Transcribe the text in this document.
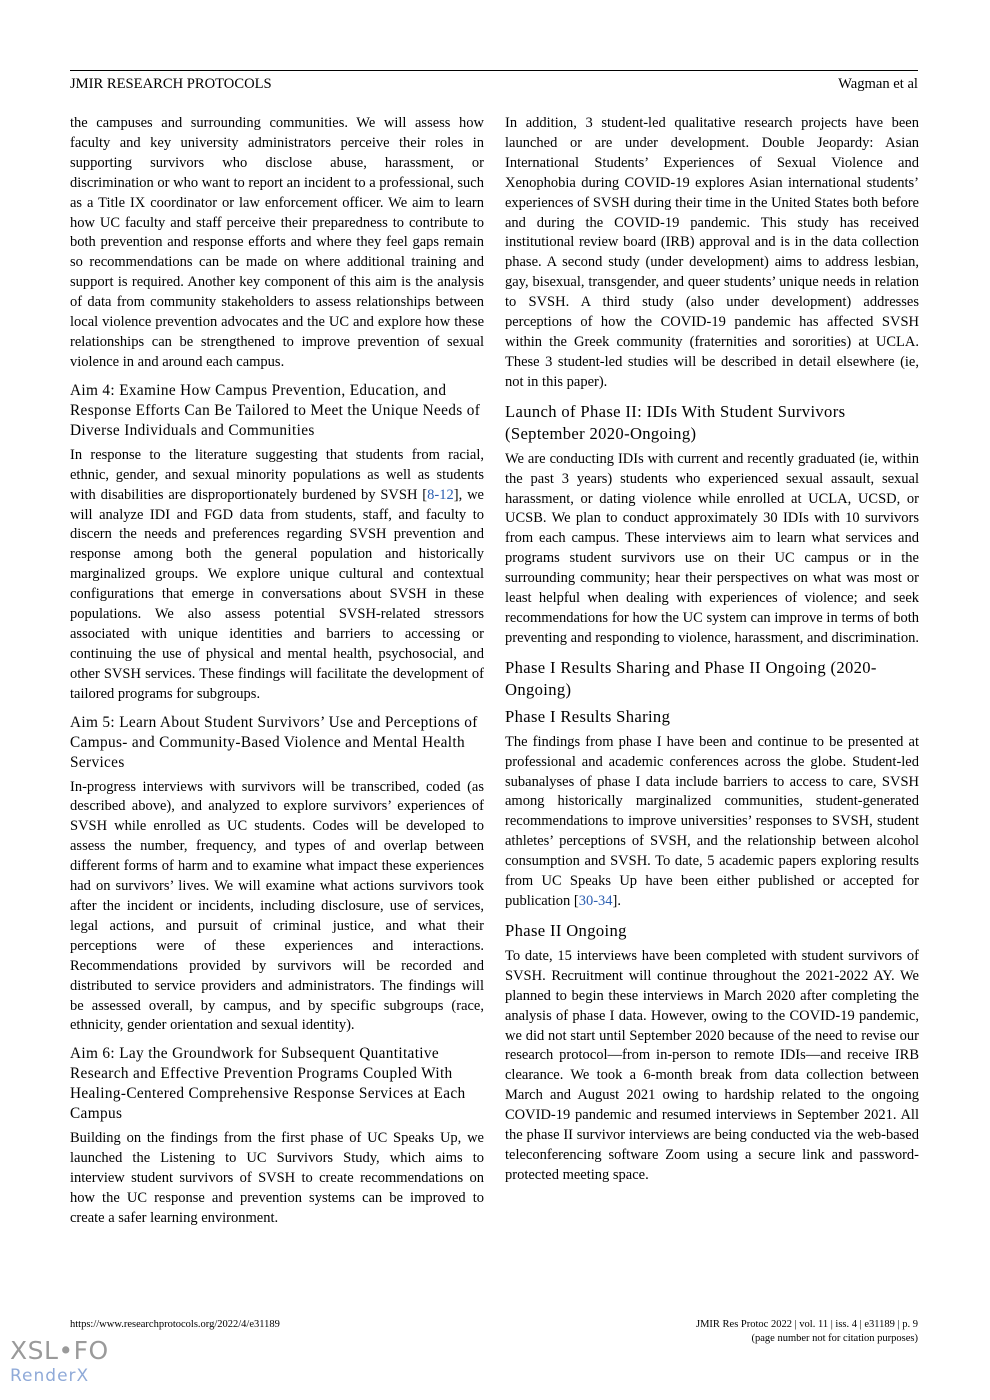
JMIR RESEARCH PROTOCOLS	Wagman et al

the campuses and surrounding communities. We will assess how faculty and key university administrators perceive their roles in supporting survivors who disclose abuse, harassment, or discrimination or who want to report an incident to a professional, such as a Title IX coordinator or law enforcement officer. We aim to learn how UC faculty and staff perceive their preparedness to contribute to both prevention and response efforts and where they feel gaps remain so recommendations can be made on where additional training and support is required. Another key component of this aim is the analysis of data from community stakeholders to assess relationships between local violence prevention advocates and the UC and explore how these relationships can be strengthened to improve prevention of sexual violence in and around each campus.

Aim 4: Examine How Campus Prevention, Education, and Response Efforts Can Be Tailored to Meet the Unique Needs of Diverse Individuals and Communities

In response to the literature suggesting that students from racial, ethnic, gender, and sexual minority populations as well as students with disabilities are disproportionately burdened by SVSH [8-12], we will analyze IDI and FGD data from students, staff, and faculty to discern the needs and preferences regarding SVSH prevention and response among both the general population and historically marginalized groups. We explore unique cultural and contextual configurations that emerge in conversations about SVSH in these populations. We also assess potential SVSH-related stressors associated with unique identities and barriers to accessing or continuing the use of physical and mental health, psychosocial, and other SVSH services. These findings will facilitate the development of tailored programs for subgroups.

Aim 5: Learn About Student Survivors’ Use and Perceptions of Campus- and Community-Based Violence and Mental Health Services

In-progress interviews with survivors will be transcribed, coded (as described above), and analyzed to explore survivors’ experiences of SVSH while enrolled as UC students. Codes will be developed to assess the number, frequency, and types of and overlap between different forms of harm and to examine what impact these experiences had on survivors’ lives. We will examine what actions survivors took after the incident or incidents, including disclosure, use of services, legal actions, and pursuit of criminal justice, and what their perceptions were of these experiences and interactions. Recommendations provided by survivors will be recorded and distributed to service providers and administrators. The findings will be assessed overall, by campus, and by specific subgroups (race, ethnicity, gender orientation and sexual identity).

Aim 6: Lay the Groundwork for Subsequent Quantitative Research and Effective Prevention Programs Coupled With Healing-Centered Comprehensive Response Services at Each Campus

Building on the findings from the first phase of UC Speaks Up, we launched the Listening to UC Survivors Study, which aims to interview student survivors of SVSH to create recommendations on how the UC response and prevention systems can be improved to create a safer learning environment.

In addition, 3 student-led qualitative research projects have been launched or are under development. Double Jeopardy: Asian International Students’ Experiences of Sexual Violence and Xenophobia during COVID-19 explores Asian international students’ experiences of SVSH during their time in the United States both before and during the COVID-19 pandemic. This study has received institutional review board (IRB) approval and is in the data collection phase. A second study (under development) aims to address lesbian, gay, bisexual, transgender, and queer students’ unique needs in relation to SVSH. A third study (also under development) addresses perceptions of how the COVID-19 pandemic has affected SVSH within the Greek community (fraternities and sororities) at UCLA. These 3 student-led studies will be described in detail elsewhere (ie, not in this paper).

Launch of Phase II: IDIs With Student Survivors (September 2020-Ongoing)

We are conducting IDIs with current and recently graduated (ie, within the past 3 years) students who experienced sexual assault, sexual harassment, or dating violence while enrolled at UCLA, UCSD, or UCSB. We plan to conduct approximately 30 IDIs with 10 survivors from each campus. These interviews aim to learn what services and programs student survivors use on their UC campus or in the surrounding community; hear their perspectives on what was most or least helpful when dealing with experiences of violence; and seek recommendations for how the UC system can improve in terms of both preventing and responding to violence, harassment, and discrimination.

Phase I Results Sharing and Phase II Ongoing (2020-Ongoing)
Phase I Results Sharing

The findings from phase I have been and continue to be presented at professional and academic conferences across the globe. Student-led subanalyses of phase I data include barriers to access to care, SVSH among historically marginalized communities, student-generated recommendations to improve universities’ responses to SVSH, student athletes’ perceptions of SVSH, and the relationship between alcohol consumption and SVSH. To date, 5 academic papers exploring results from UC Speaks Up have been either published or accepted for publication [30-34].

Phase II Ongoing

To date, 15 interviews have been completed with student survivors of SVSH. Recruitment will continue throughout the 2021-2022 AY. We planned to begin these interviews in March 2020 after completing the analysis of phase I data. However, owing to the COVID-19 pandemic, we did not start until September 2020 because of the need to revise our research protocol—from in-person to remote IDIs—and receive IRB clearance. We took a 6-month break from data collection between March and August 2021 owing to hardship related to the ongoing COVID-19 pandemic and resumed interviews in September 2021. All the phase II survivor interviews are being conducted via the web-based teleconferencing software Zoom using a secure link and password-protected meeting space.

https://www.researchprotocols.org/2022/4/e31189	JMIR Res Protoc 2022 | vol. 11 | iss. 4 | e31189 | p. 9
(page number not for citation purposes)
XSL•FO
RenderX
